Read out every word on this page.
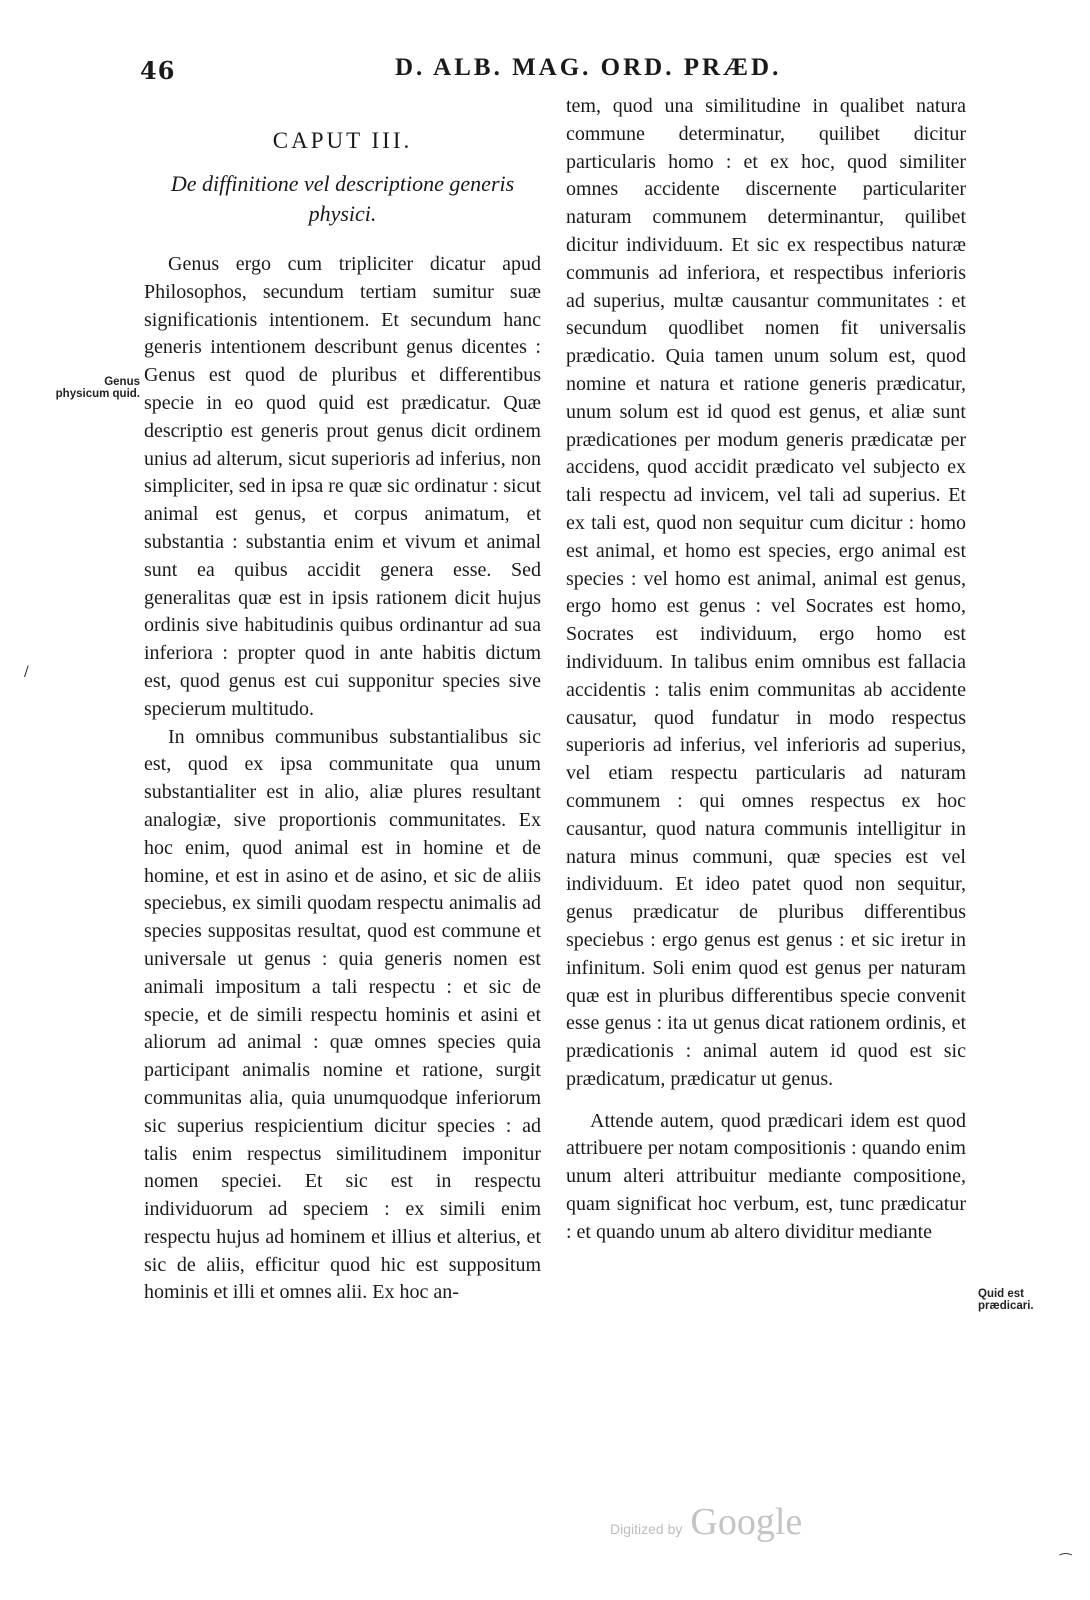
46	D. ALB. MAG. ORD. PRÆD.
Genus physicum quid.
Quid est prædicari.

CAPUT III.

De diffinitione vel descriptione generis physici.

Genus ergo cum tripliciter dicatur apud Philosophos, secundum tertiam sumitur suæ significationis intentionem. Et secundum hanc generis intentionem describunt genus dicentes : Genus est quod de pluribus et differentibus specie in eo quod quid est prædicatur. Quæ descriptio est generis prout genus dicit ordinem unius ad alterum, sicut superioris ad inferius, non simpliciter, sed in ipsa re quæ sic ordinatur : sicut animal est genus, et corpus animatum, et substantia : substantia enim et vivum et animal sunt ea quibus accidit genera esse. Sed generalitas quæ est in ipsis rationem dicit hujus ordinis sive habitudinis quibus ordinantur ad sua inferiora : propter quod in ante habitis dictum est, quod genus est cui supponitur species sive specierum multitudo.

In omnibus communibus substantialibus sic est, quod ex ipsa communitate qua unum substantialiter est in alio, aliæ plures resultant analogiæ, sive proportionis communitates. Ex hoc enim, quod animal est in homine et de homine, et est in asino et de asino, et sic de aliis speciebus, ex simili quodam respectu animalis ad species suppositas resultat, quod est commune et universale ut genus : quia generis nomen est animali impositum a tali respectu : et sic de specie, et de simili respectu hominis et asini et aliorum ad animal : quæ omnes species quia participant animalis nomine et ratione, surgit communitas alia, quia unumquodque inferiorum sic superius respicientium dicitur species : ad talis enim respectus similitudinem imponitur nomen speciei. Et sic est in respectu individuorum ad speciem : ex simili enim respectu hujus ad hominem et illius et alterius, et sic de aliis, efficitur quod hic est suppositum hominis et illi et omnes alii. Ex hoc an-

tem, quod una similitudine in qualibet natura commune determinatur, quilibet dicitur particularis homo : et ex hoc, quod similiter omnes accidente discernente particulariter naturam communem determinantur, quilibet dicitur individuum. Et sic ex respectibus naturæ communis ad inferiora, et respectibus inferioris ad superius, multæ causantur communitates : et secundum quodlibet nomen fit universalis prædicatio. Quia tamen unum solum est, quod nomine et natura et ratione generis prædicatur, unum solum est id quod est genus, et aliæ sunt prædicationes per modum generis prædicatæ per accidens, quod accidit prædicato vel subjecto ex tali respectu ad invicem, vel tali ad superius. Et ex tali est, quod non sequitur cum dicitur : homo est animal, et homo est species, ergo animal est species : vel homo est animal, animal est genus, ergo homo est genus : vel Socrates est homo, Socrates est individuum, ergo homo est individuum. In talibus enim omnibus est fallacia accidentis : talis enim communitas ab accidente causatur, quod fundatur in modo respectus superioris ad inferius, vel inferioris ad superius, vel etiam respectu particularis ad naturam communem : qui omnes respectus ex hoc causantur, quod natura communis intelligitur in natura minus communi, quæ species est vel individuum. Et ideo patet quod non sequitur, genus prædicatur de pluribus differentibus speciebus : ergo genus est genus : et sic iretur in infinitum. Soli enim quod est genus per naturam quæ est in pluribus differentibus specie convenit esse genus : ita ut genus dicat rationem ordinis, et prædicationis : animal autem id quod est sic prædicatum, prædicatur ut genus.

Attende autem, quod prædicari idem est quod attribuere per notam compositionis : quando enim unum alteri attribuitur mediante compositione, quam significat hoc verbum, est, tunc prædicatur : et quando unum ab altero dividitur mediante

/
⁔
Digitized by Google
